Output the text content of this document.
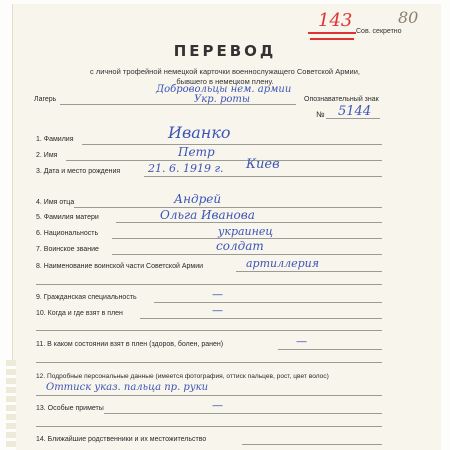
143	80
Сов. секретно
ПЕРЕВОД
с личной трофейной немецкой карточки военнослужащего Советской Армии,
бывшего в немецком плену.
Лагерь
Добровольцы нем. армии
Укр. роты	Опознавательный знак
№ 5144
1. Фамилия	Иванко
2. Имя	Петр
3. Дата и место рождения	21. 6. 1919 г. Киев
4. Имя отца	Андрей
5. Фамилия матери	Ольга Иванова
6. Национальность	украинец
7. Воинское звание	солдат
8. Наименование воинской части Советской Армии	артиллерия
9. Гражданская специальность	—
10. Когда и где взят в плен	—
11. В каком состоянии взят в плен (здоров, болен, ранен)	—
12. Подробные персональные данные (имеется фотография, оттиск пальцев, рост, цвет волос)
Оттиск указ. пальца пр. руки
13. Особые приметы	—
14. Ближайшие родственники и их местожительство
